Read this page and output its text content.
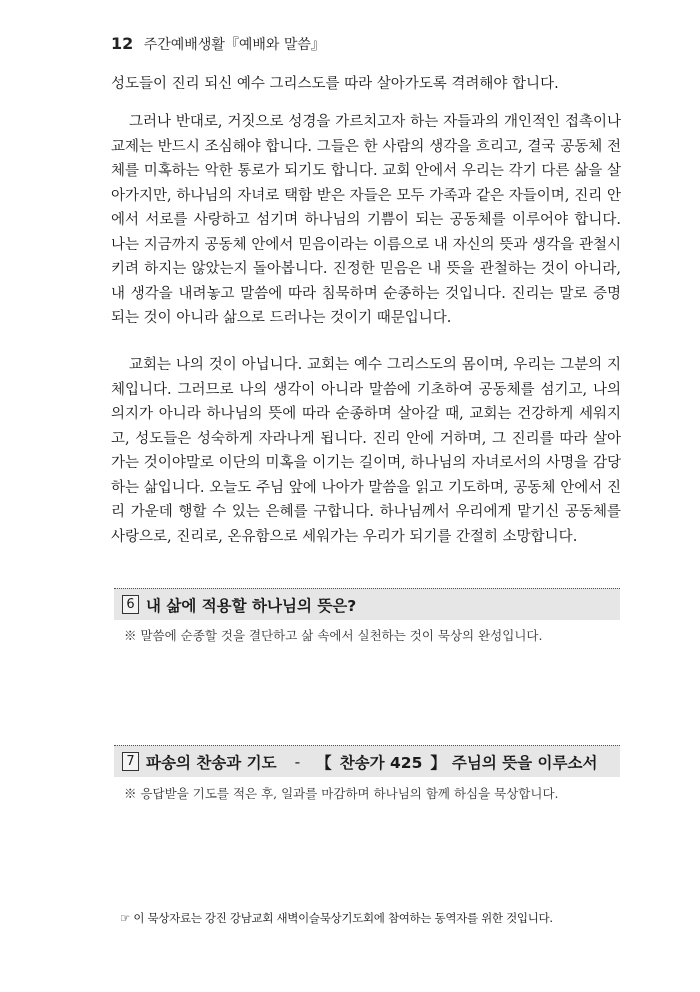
12 주간예배생활『예배와 말씀』

성도들이 진리 되신 예수 그리스도를 따라 살아가도록 격려해야 합니다.

그러나 반대로, 거짓으로 성경을 가르치고자 하는 자들과의 개인적인 접촉이나 교제는 반드시 조심해야 합니다. 그들은 한 사람의 생각을 흐리고, 결국 공동체 전체를 미혹하는 악한 통로가 되기도 합니다. 교회 안에서 우리는 각기 다른 삶을 살아가지만, 하나님의 자녀로 택함 받은 자들은 모두 가족과 같은 자들이며, 진리 안에서 서로를 사랑하고 섬기며 하나님의 기쁨이 되는 공동체를 이루어야 합니다. 나는 지금까지 공동체 안에서 믿음이라는 이름으로 내 자신의 뜻과 생각을 관철시키려 하지는 않았는지 돌아봅니다. 진정한 믿음은 내 뜻을 관철하는 것이 아니라, 내 생각을 내려놓고 말씀에 따라 침묵하며 순종하는 것입니다. 진리는 말로 증명되는 것이 아니라 삶으로 드러나는 것이기 때문입니다.

교회는 나의 것이 아닙니다. 교회는 예수 그리스도의 몸이며, 우리는 그분의 지체입니다. 그러므로 나의 생각이 아니라 말씀에 기초하여 공동체를 섬기고, 나의 의지가 아니라 하나님의 뜻에 따라 순종하며 살아갈 때, 교회는 건강하게 세워지고, 성도들은 성숙하게 자라나게 됩니다. 진리 안에 거하며, 그 진리를 따라 살아가는 것이야말로 이단의 미혹을 이기는 길이며, 하나님의 자녀로서의 사명을 감당하는 삶입니다. 오늘도 주님 앞에 나아가 말씀을 읽고 기도하며, 공동체 안에서 진리 가운데 행할 수 있는 은혜를 구합니다. 하나님께서 우리에게 맡기신 공동체를 사랑으로, 진리로, 온유함으로 세워가는 우리가 되기를 간절히 소망합니다.

6 내 삶에 적용할 하나님의 뜻은?
※ 말씀에 순종할 것을 결단하고 삶 속에서 실천하는 것이 묵상의 완성입니다.
7 파송의 찬송과 기도 - 【 찬송가 425 】 주님의 뜻을 이루소서
※ 응답받을 기도를 적은 후, 일과를 마감하며 하나님의 함께 하심을 묵상합니다.
☞ 이 묵상자료는 강진 강남교회 새벽이슬묵상기도회에 참여하는 동역자를 위한 것입니다.
